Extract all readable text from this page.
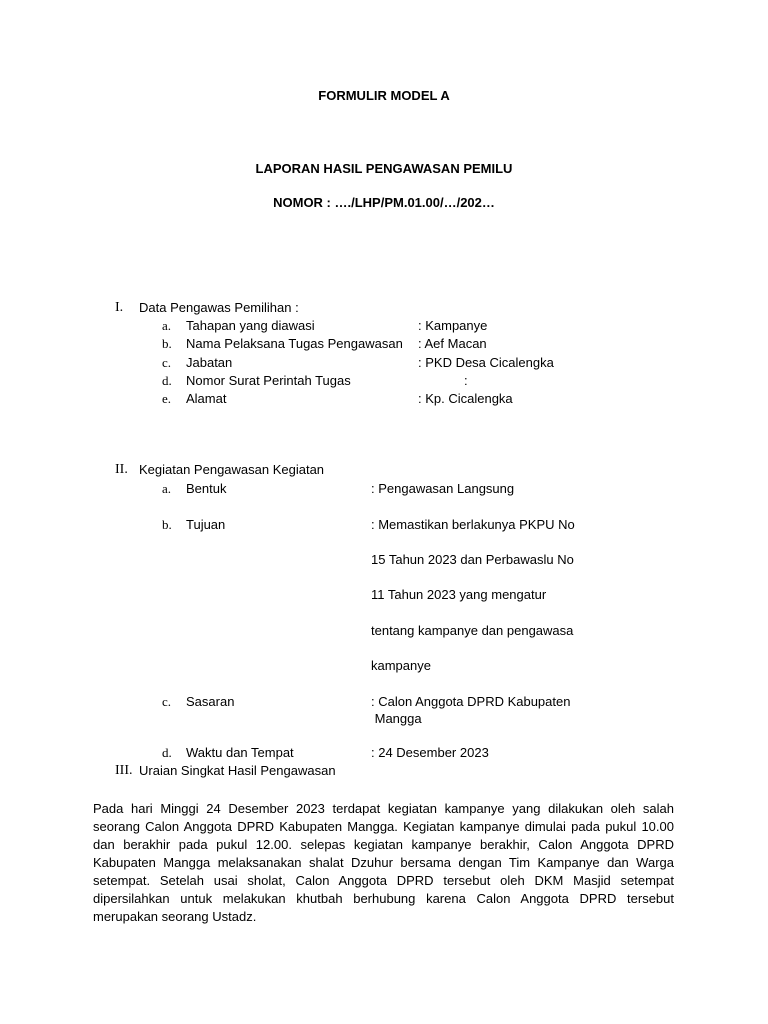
FORMULIR MODEL A
LAPORAN HASIL PENGAWASAN PEMILU
NOMOR : …./LHP/PM.01.00/…/202…
I. Data Pengawas Pemilihan :
a. Tahapan yang diawasi	: Kampanye
b. Nama Pelaksana Tugas Pengawasan : Aef Macan
c. Jabatan	: PKD Desa Cicalengka
d. Nomor Surat Perintah Tugas	:
e. Alamat	: Kp. Cicalengka
II. Kegiatan Pengawasan Kegiatan
a. Bentuk	: Pengawasan Langsung
b. Tujuan	: Memastikan berlakunya PKPU No
15 Tahun 2023 dan Perbawaslu No
11 Tahun 2023 yang mengatur
tentang kampanye dan pengawasa
kampanye
c. Sasaran	: Calon Anggota DPRD Kabupaten
Mangga
d. Waktu dan Tempat	: 24 Desember 2023
III. Uraian Singkat Hasil Pengawasan
Pada hari Minggi 24 Desember 2023 terdapat kegiatan kampanye yang dilakukan oleh salah seorang Calon Anggota DPRD Kabupaten Mangga. Kegiatan kampanye dimulai pada pukul 10.00 dan berakhir pada pukul 12.00. selepas kegiatan kampanye berakhir, Calon Anggota DPRD Kabupaten Mangga melaksanakan shalat Dzuhur bersama dengan Tim Kampanye dan Warga setempat. Setelah usai sholat, Calon Anggota DPRD tersebut oleh DKM Masjid setempat dipersilahkan untuk melakukan khutbah berhubung karena Calon Anggota DPRD tersebut merupakan seorang Ustadz.
